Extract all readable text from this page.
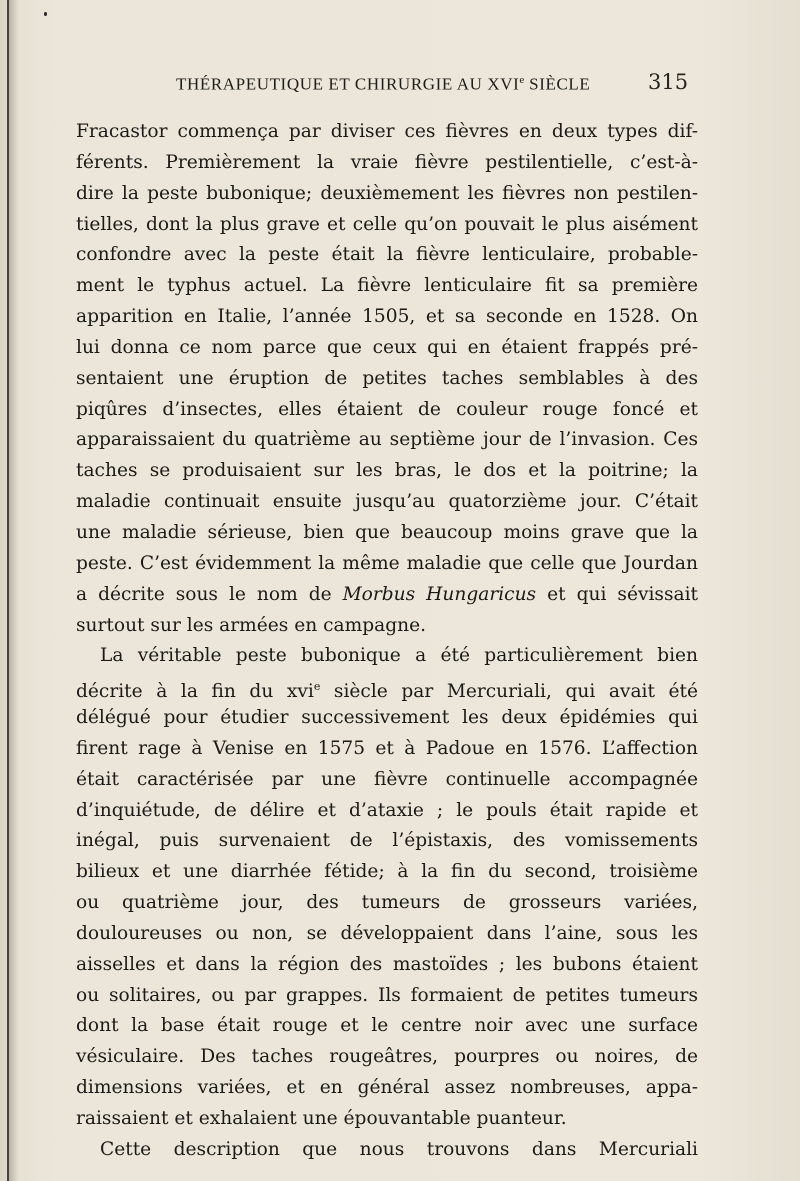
THÉRAPEUTIQUE ET CHIRURGIE AU XVIe SIÈCLE	315
Fracastor commença par diviser ces fièvres en deux types dif-
férents. Premièrement la vraie fièvre pestilentielle, c’est-à-
dire la peste bubonique; deuxièmement les fièvres non pestilen-
tielles, dont la plus grave et celle qu’on pouvait le plus aisément
confondre avec la peste était la fièvre lenticulaire, probable-
ment le typhus actuel. La fièvre lenticulaire fit sa première
apparition en Italie, l’année 1505, et sa seconde en 1528. On
lui donna ce nom parce que ceux qui en étaient frappés pré-
sentaient une éruption de petites taches semblables à des
piqûres d’insectes, elles étaient de couleur rouge foncé et
apparaissaient du quatrième au septième jour de l’invasion. Ces
taches se produisaient sur les bras, le dos et la poitrine; la
maladie continuait ensuite jusqu’au quatorzième jour. C’était
une maladie sérieuse, bien que beaucoup moins grave que la
peste. C’est évidemment la même maladie que celle que Jourdan
a décrite sous le nom de Morbus Hungaricus et qui sévissait
surtout sur les armées en campagne.
La véritable peste bubonique a été particulièrement bien
décrite à la fin du xvi$^e$ siècle par Mercuriali, qui avait été
délégué pour étudier successivement les deux épidémies qui
firent rage à Venise en 1575 et à Padoue en 1576. L’affection
était caractérisée par une fièvre continuelle accompagnée
d’inquiétude, de délire et d’ataxie ; le pouls était rapide et
inégal, puis survenaient de l’épistaxis, des vomissements
bilieux et une diarrhée fétide; à la fin du second, troisième
ou quatrième jour, des tumeurs de grosseurs variées,
douloureuses ou non, se développaient dans l’aine, sous les
aisselles et dans la région des mastoïdes ; les bubons étaient
ou solitaires, ou par grappes. Ils formaient de petites tumeurs
dont la base était rouge et le centre noir avec une surface
vésiculaire. Des taches rougeâtres, pourpres ou noires, de
dimensions variées, et en général assez nombreuses, appa-
raissaient et exhalaient une épouvantable puanteur.
Cette description que nous trouvons dans Mercuriali
